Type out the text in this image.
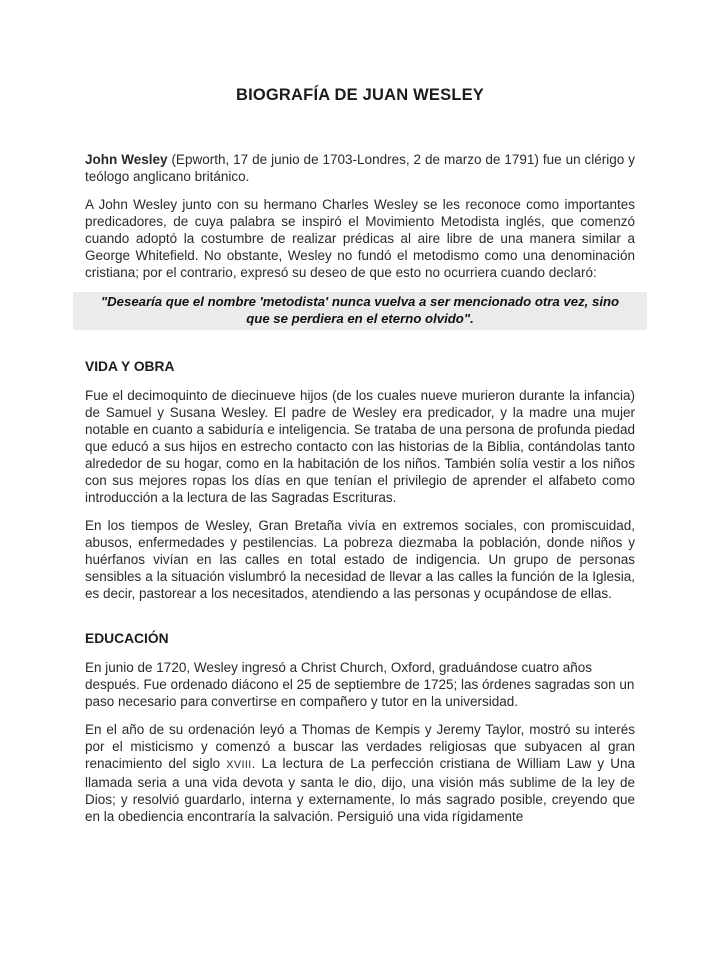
BIOGRAFÍA DE JUAN WESLEY

John Wesley (Epworth, 17 de junio de 1703-Londres, 2 de marzo de 1791) fue un clérigo y teólogo anglicano británico.

A John Wesley junto con su hermano Charles Wesley se les reconoce como importantes predicadores, de cuya palabra se inspiró el Movimiento Metodista inglés, que comenzó cuando adoptó la costumbre de realizar prédicas al aire libre de una manera similar a George Whitefield. No obstante, Wesley no fundó el metodismo como una denominación cristiana; por el contrario, expresó su deseo de que esto no ocurriera cuando declaró:

"Desearía que el nombre 'metodista' nunca vuelva a ser mencionado otra vez, sino que se perdiera en el eterno olvido".

VIDA Y OBRA

Fue el decimoquinto de diecinueve hijos (de los cuales nueve murieron durante la infancia) de Samuel y Susana Wesley. El padre de Wesley era predicador, y la madre una mujer notable en cuanto a sabiduría e inteligencia. Se trataba de una persona de profunda piedad que educó a sus hijos en estrecho contacto con las historias de la Biblia, contándolas tanto alrededor de su hogar, como en la habitación de los niños. También solía vestir a los niños con sus mejores ropas los días en que tenían el privilegio de aprender el alfabeto como introducción a la lectura de las Sagradas Escrituras.

En los tiempos de Wesley, Gran Bretaña vivía en extremos sociales, con promiscuidad, abusos, enfermedades y pestilencias. La pobreza diezmaba la población, donde niños y huérfanos vivían en las calles en total estado de indigencia. Un grupo de personas sensibles a la situación vislumbró la necesidad de llevar a las calles la función de la Iglesia, es decir, pastorear a los necesitados, atendiendo a las personas y ocupándose de ellas.

EDUCACIÓN

En junio de 1720, Wesley ingresó a Christ Church, Oxford, graduándose cuatro años después. Fue ordenado diácono el 25 de septiembre de 1725; las órdenes sagradas son un paso necesario para convertirse en compañero y tutor en la universidad.

En el año de su ordenación leyó a Thomas de Kempis y Jeremy Taylor, mostró su interés por el misticismo y comenzó a buscar las verdades religiosas que subyacen al gran renacimiento del siglo XVIII. La lectura de La perfección cristiana de William Law y Una llamada seria a una vida devota y santa le dio, dijo, una visión más sublime de la ley de Dios; y resolvió guardarlo, interna y externamente, lo más sagrado posible, creyendo que en la obediencia encontraría la salvación. Persiguió una vida rígidamente
